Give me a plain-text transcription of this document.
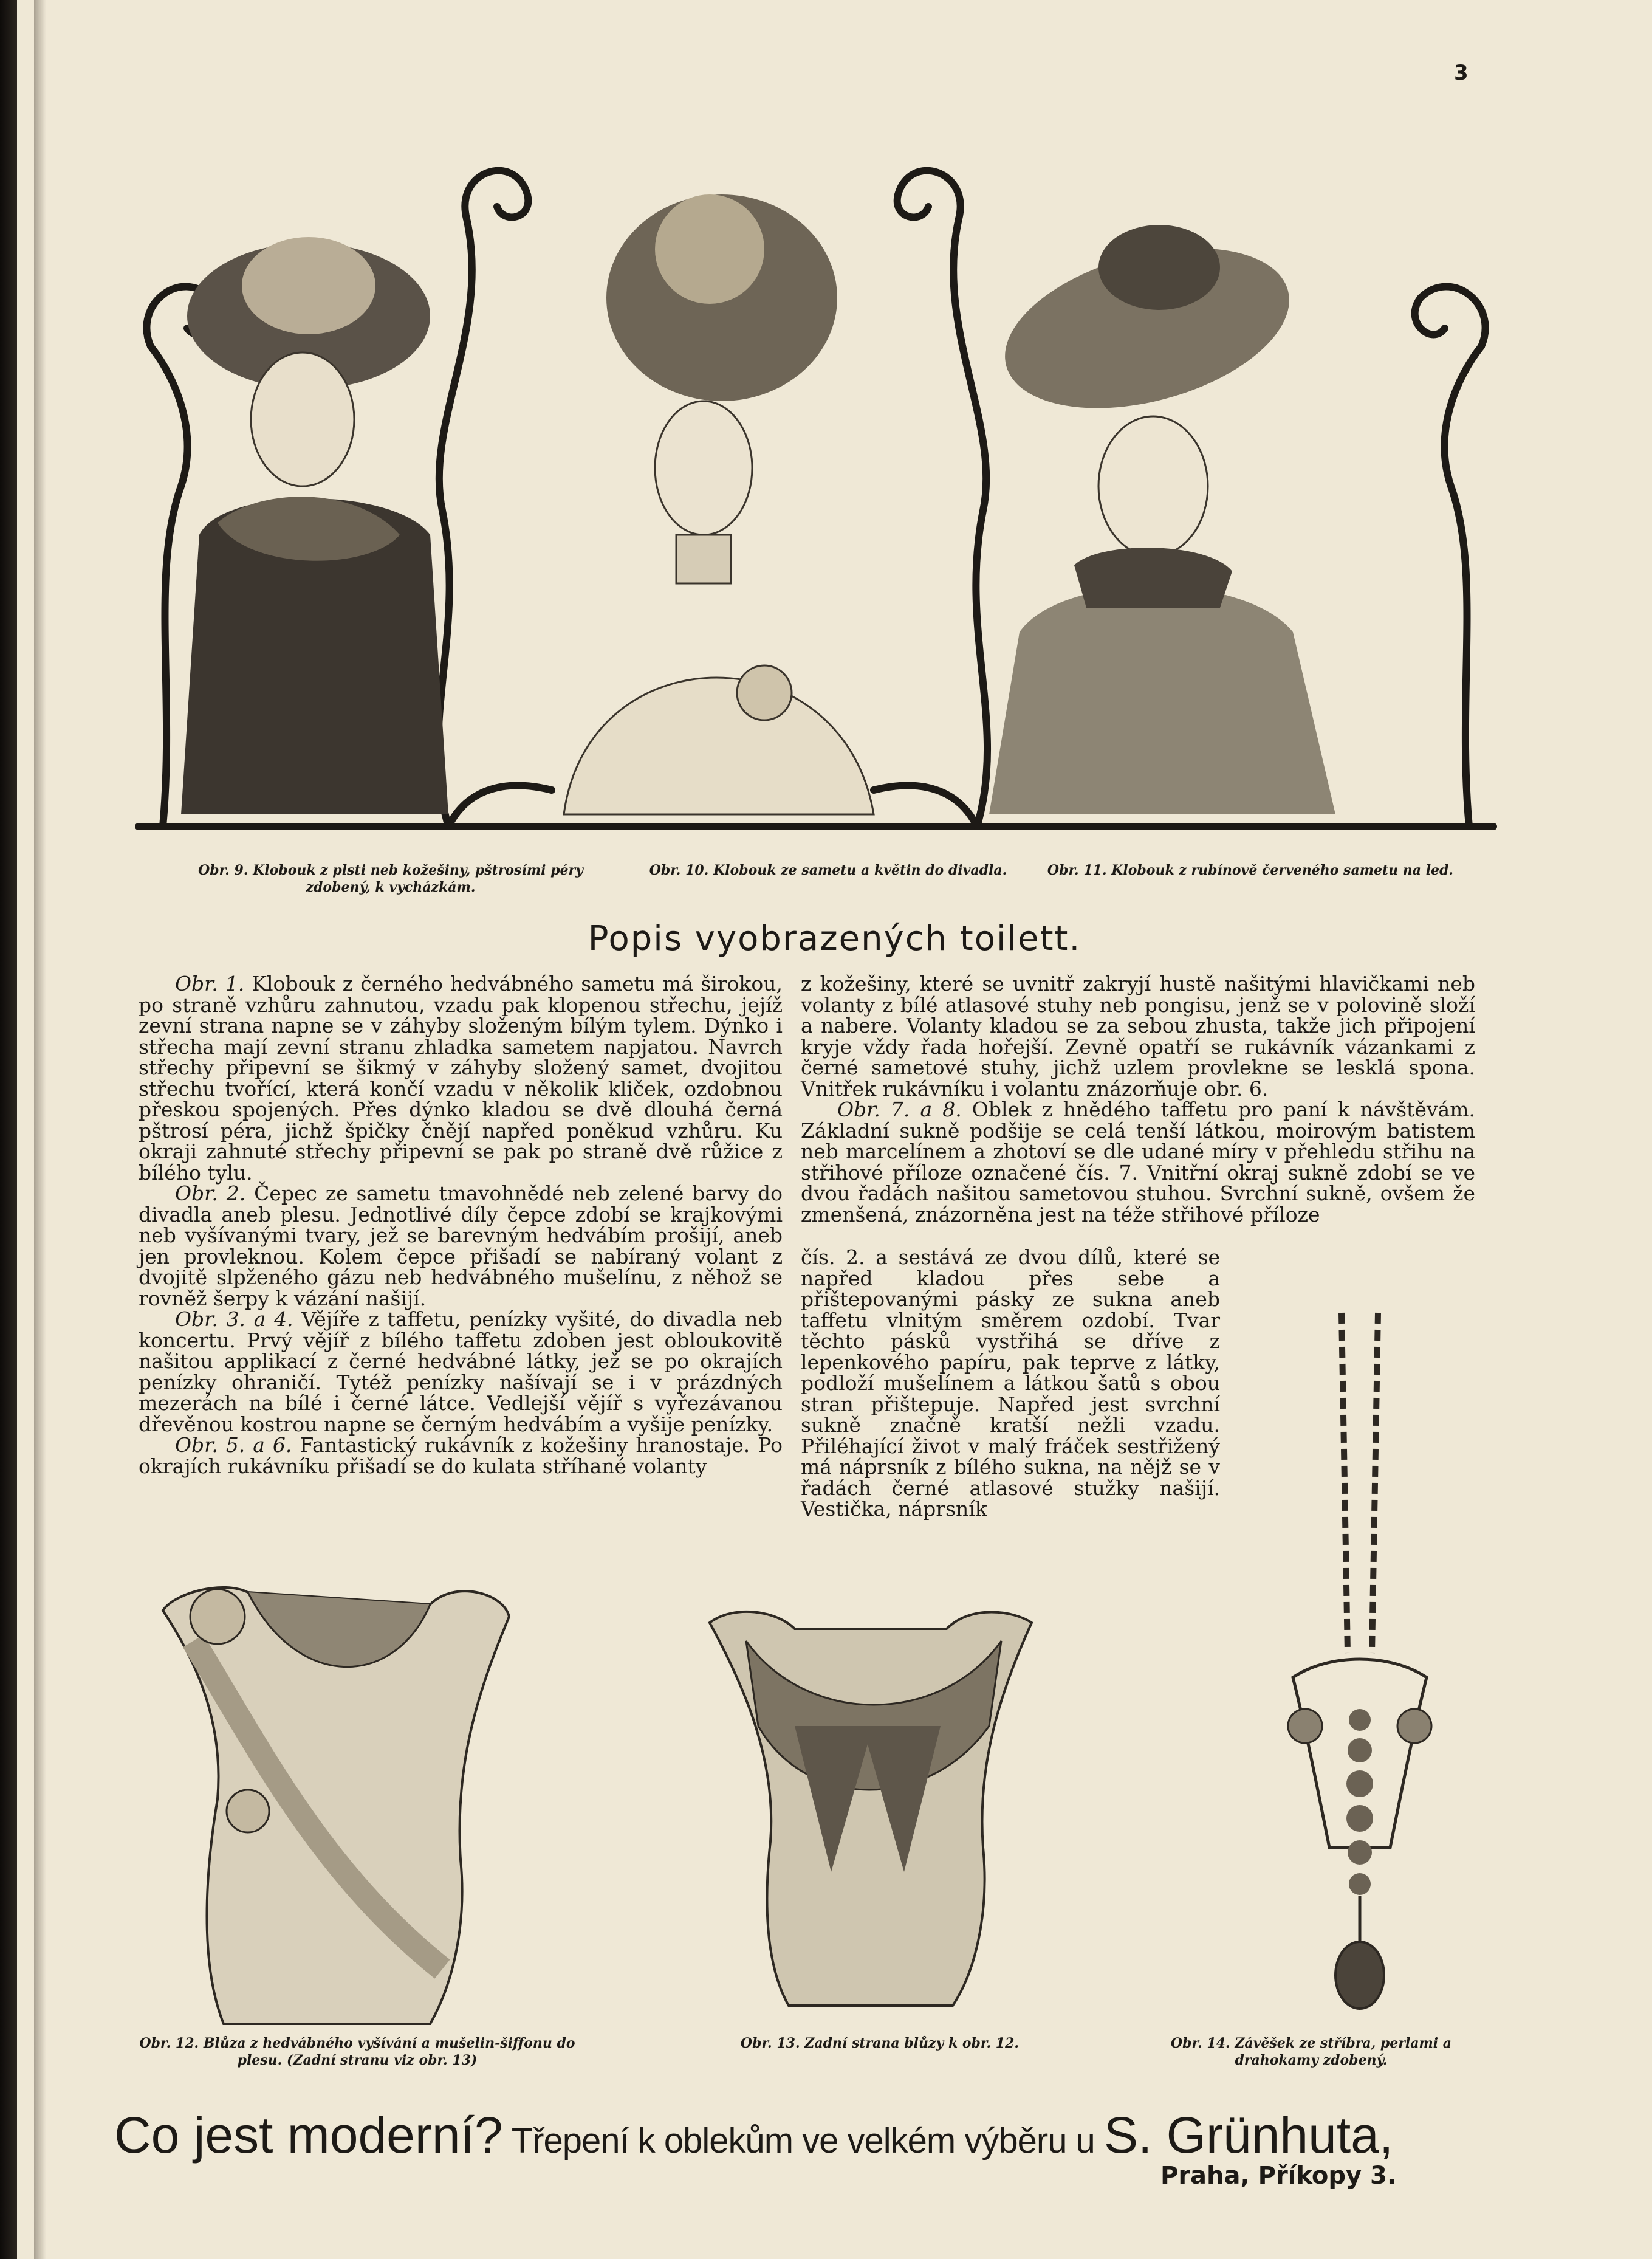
3
Obr. 9. Klobouk z plsti neb kožešiny, pštrosími péry zdobený, k vycházkám.
Obr. 10. Klobouk ze sametu a květin do divadla.	Obr. 11. Klobouk z rubínově červeného sametu na led.
Popis vyobrazených toilett.

Obr. 1. Klobouk z černého hedvábného sametu má širokou, po straně vzhůru zahnutou, vzadu pak klopenou střechu, jejíž zevní strana napne se v záhyby složeným bílým tylem. Dýnko i střecha mají zevní stranu zhladka sametem napjatou. Navrch střechy připevní se šikmý v záhyby složený samet, dvojitou střechu tvořící, která končí vzadu v několik kliček, ozdobnou přeskou spojených. Přes dýnko kladou se dvě dlouhá černá pštrosí péra, jichž špičky čnějí napřed poněkud vzhůru. Ku okraji zahnuté střechy připevní se pak po straně dvě růžice z bílého tylu.

Obr. 2. Čepec ze sametu tmavohnědé neb zelené barvy do divadla aneb plesu. Jednotlivé díly čepce zdobí se krajkovými neb vyšívanými tvary, jež se barevným hedvábím prošijí, aneb jen provleknou. Kolem čepce přišadí se nabíraný volant z dvojitě slpženého gázu neb hedvábného mušelínu, z něhož se rovněž šerpy k vázání našijí.

Obr. 3. a 4. Vějíře z taffetu, penízky vyšité, do divadla neb koncertu. Prvý vějíř z bílého taffetu zdoben jest obloukovitě našitou applikací z černé hedvábné látky, jež se po okrajích penízky ohraničí. Tytéž penízky našívají se i v prázdných mezerách na bílé i černé látce. Vedlejší vějíř s vyřezávanou dřevěnou kostrou napne se černým hedvábím a vyšije penízky.

Obr. 5. a 6. Fantastický rukávník z kožešiny hranostaje. Po okrajích rukávníku přišadí se do kulata stříhané volanty

z kožešiny, které se uvnitř zakryjí hustě našitými hlavičkami neb volanty z bílé atlasové stuhy neb pongisu, jenž se v polovině složí a nabere. Volanty kladou se za sebou zhusta, takže jich připojení kryje vždy řada hořejší. Zevně opatří se rukávník vázankami z černé sametové stuhy, jichž uzlem provlekne se lesklá spona. Vnitřek rukávníku i volantu znázorňuje obr. 6.

Obr. 7. a 8. Oblek z hnědého taffetu pro paní k návštěvám. Základní sukně podšije se celá tenší látkou, moirovým batistem neb marcelínem a zhotoví se dle udané míry v přehledu střihu na střihové příloze označené čís. 7. Vnitřní okraj sukně zdobí se ve dvou řadách našitou sametovou stuhou. Svrchní sukně, ovšem že zmenšená, znázorněna jest na téže střihové příloze

čís. 2. a sestává ze dvou dílů, které se napřed kladou přes sebe a přištepovanými pásky ze sukna aneb taffetu vlnitým směrem ozdobí. Tvar těchto pásků vystřihá se dříve z lepenkového papíru, pak teprve z látky, podloží mušelínem a látkou šatů s obou stran přištepuje. Napřed jest svrchní sukně značně kratší nežli vzadu. Přiléhající život v malý fráček sestřižený má náprsník z bílého sukna, na nějž se v řadách černé atlasové stužky našijí. Vestička, náprsník

Obr. 12. Blůza z hedvábného vyšívání a mušelin-šiffonu do plesu. (Zadní stranu viz obr. 13)
Obr. 13. Zadní strana blůzy k obr. 12.	Obr. 14. Závěšek ze stříbra, perlami a drahokamy zdobený.
Co jest moderní? Třepení k oblekům ve velkém výběru u S. Grünhuta,
Praha, Příkopy 3.
